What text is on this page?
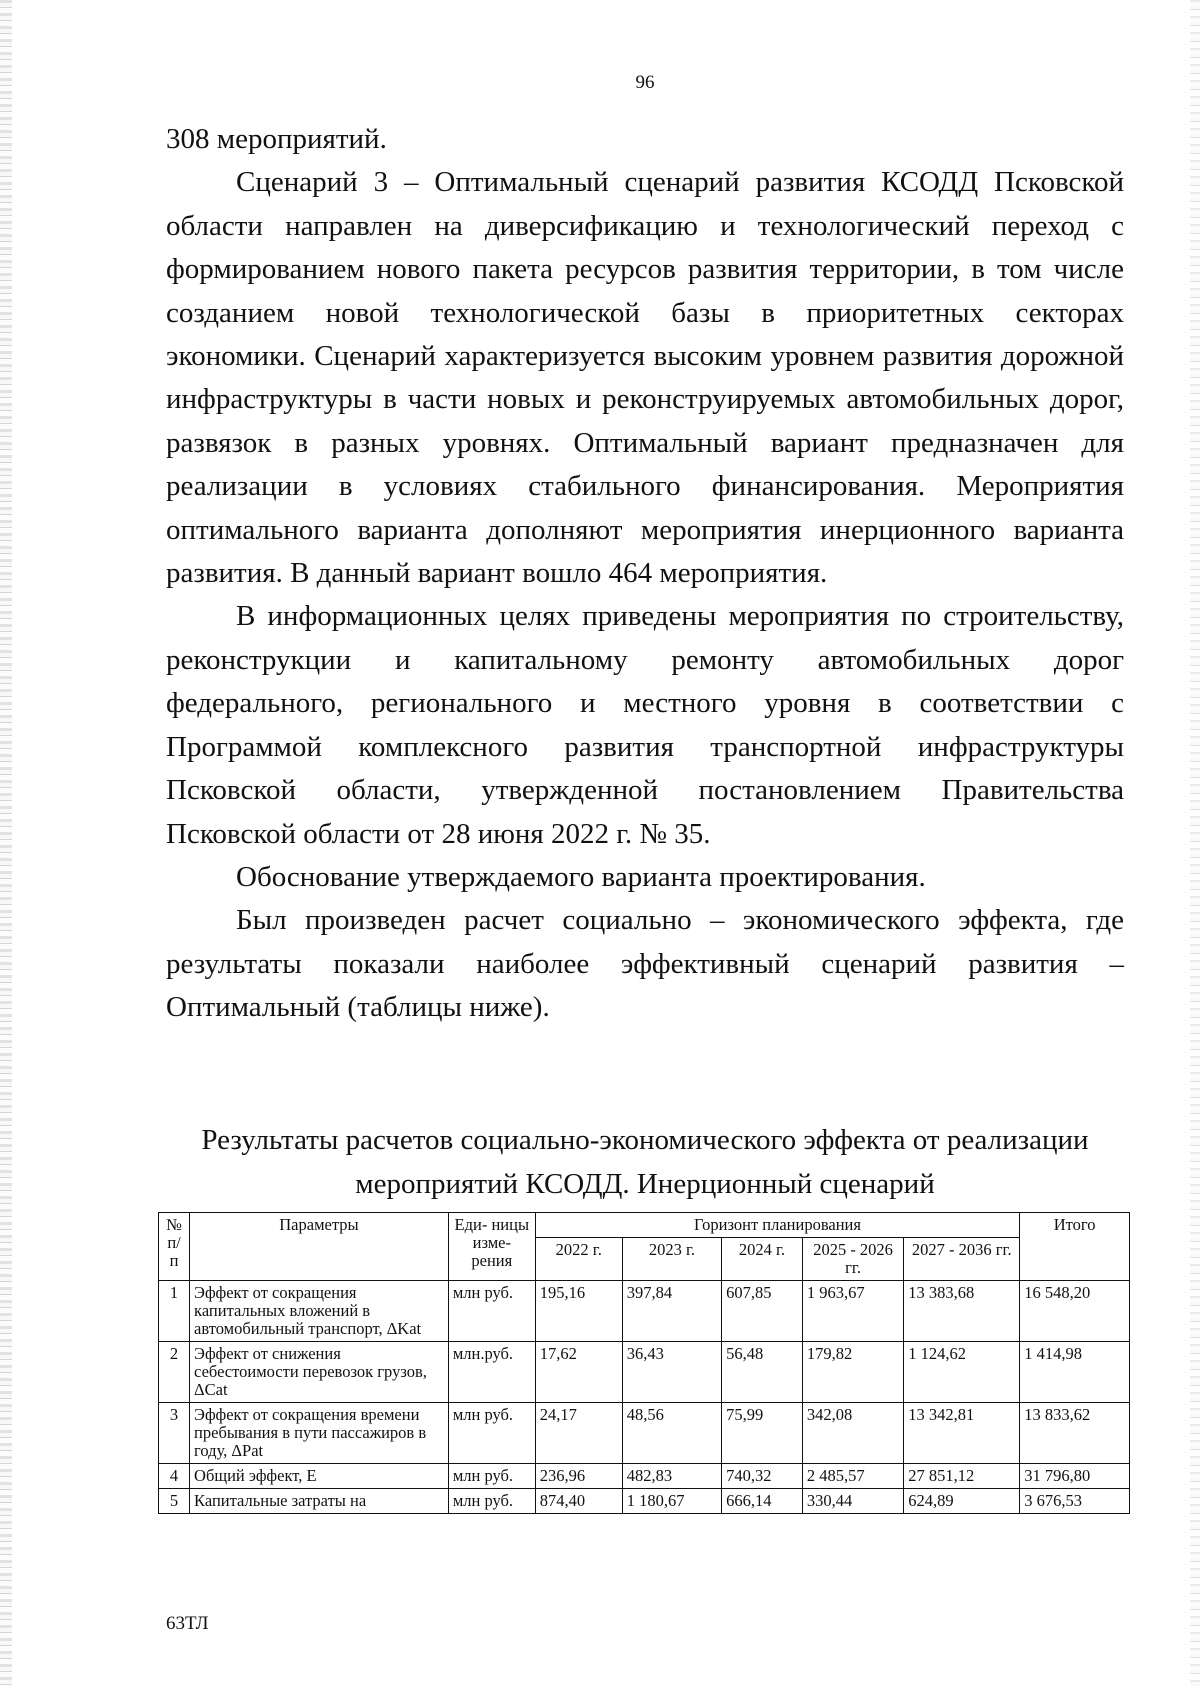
96

308 мероприятий.

Сценарий 3 – Оптимальный сценарий развития КСОДД Псковской области направлен на диверсификацию и технологический переход с формированием нового пакета ресурсов развития территории, в том числе созданием новой технологической базы в приоритетных секторах экономики. Сценарий характеризуется высоким уровнем развития дорожной инфраструктуры в части новых и реконструируемых автомобильных дорог, развязок в разных уровнях. Оптимальный вариант предназначен для реализации в условиях стабильного финансирования. Мероприятия оптимального варианта дополняют мероприятия инерционного варианта развития. В данный вариант вошло 464 мероприятия.

В информационных целях приведены мероприятия по строительству, реконструкции и капитальному ремонту автомобильных дорог федерального, регионального и местного уровня в соответствии с Программой комплексного развития транспортной инфраструктуры Псковской области, утвержденной постановлением Правительства Псковской области от 28 июня 2022 г. № 35.

Обоснование утверждаемого варианта проектирования.

Был произведен расчет социально – экономического эффекта, где результаты показали наиболее эффективный сценарий развития – Оптимальный (таблицы ниже).

Результаты расчетов социально-экономического эффекта от реализации
мероприятий КСОДД. Инерционный сценарий
№ п/п	Параметры	Еди- ницы изме- рения	Горизонт планирования					Итого
			2022 г.	2023 г.	2024 г.	2025 - 2026 гг.	2027 - 2036 гг.	
1	Эффект от сокращения капитальных вложений в автомобильный транспорт, ΔKat	млн руб.	195,16	397,84	607,85	1 963,67	13 383,68	16 548,20
2	Эффект от снижения себестоимости перевозок грузов, ΔCat	млн.руб.	17,62	36,43	56,48	179,82	1 124,62	1 414,98
3	Эффект от сокращения времени пребывания в пути пассажиров в году, ΔPat	млн руб.	24,17	48,56	75,99	342,08	13 342,81	13 833,62
4	Общий эффект, E	млн руб.	236,96	482,83	740,32	2 485,57	27 851,12	31 796,80
5	Капитальные затраты на	млн руб.	874,40	1 180,67	666,14	330,44	624,89	3 676,53
63ТЛ
